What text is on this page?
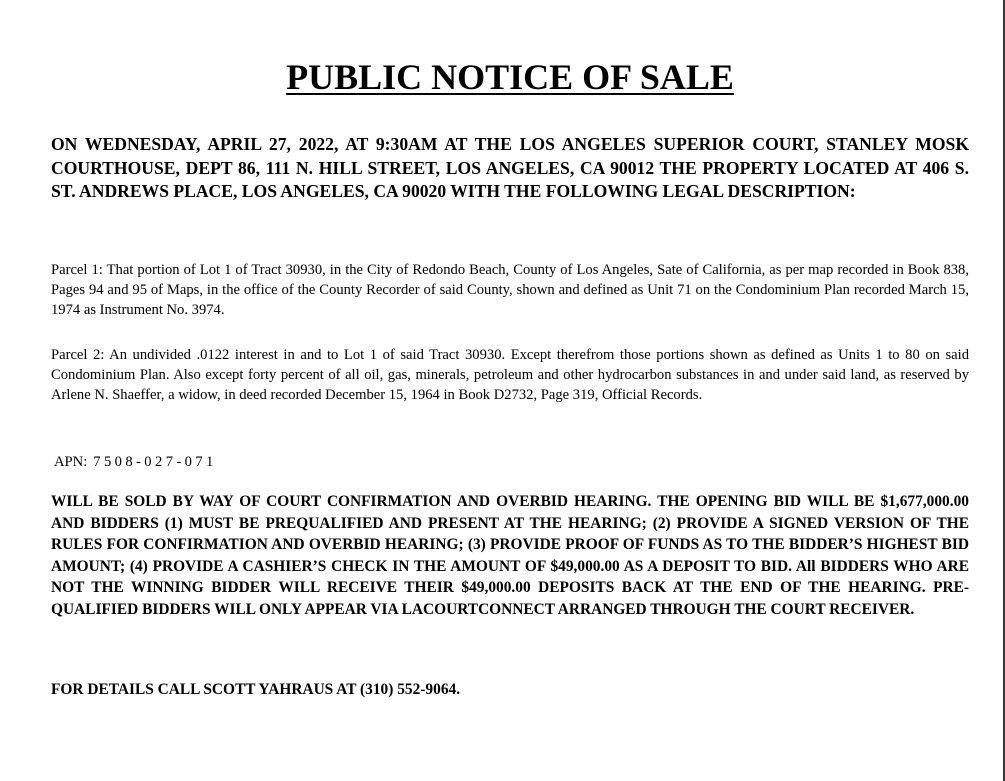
PUBLIC NOTICE OF SALE

ON WEDNESDAY, APRIL 27, 2022, AT 9:30AM AT THE LOS ANGELES SUPERIOR COURT, STANLEY MOSK COURTHOUSE, DEPT 86, 111 N. HILL STREET, LOS ANGELES, CA 90012 THE PROPERTY LOCATED AT 406 S. ST. ANDREWS PLACE, LOS ANGELES, CA 90020 WITH THE FOLLOWING LEGAL DESCRIPTION:

Parcel 1: That portion of Lot 1 of Tract 30930, in the City of Redondo Beach, County of Los Angeles, Sate of California, as per map recorded in Book 838, Pages 94 and 95 of Maps, in the office of the County Recorder of said County, shown and defined as Unit 71 on the Condominium Plan recorded March 15, 1974 as Instrument No. 3974.

Parcel 2: An undivided .0122 interest in and to Lot 1 of said Tract 30930. Except therefrom those portions shown as defined as Units 1 to 80 on said Condominium Plan. Also except forty percent of all oil, gas, minerals, petroleum and other hydrocarbon substances in and under said land, as reserved by Arlene N. Shaeffer, a widow, in deed recorded December 15, 1964 in Book D2732, Page 319, Official Records.

APN: 7508-027-071

WILL BE SOLD BY WAY OF COURT CONFIRMATION AND OVERBID HEARING. THE OPENING BID WILL BE $1,677,000.00 AND BIDDERS (1) MUST BE PREQUALIFIED AND PRESENT AT THE HEARING; (2) PROVIDE A SIGNED VERSION OF THE RULES FOR CONFIRMATION AND OVERBID HEARING; (3) PROVIDE PROOF OF FUNDS AS TO THE BIDDER’S HIGHEST BID AMOUNT; (4) PROVIDE A CASHIER’S CHECK IN THE AMOUNT OF $49,000.00 AS A DEPOSIT TO BID. All BIDDERS WHO ARE NOT THE WINNING BIDDER WILL RECEIVE THEIR $49,000.00 DEPOSITS BACK AT THE END OF THE HEARING. PRE-QUALIFIED BIDDERS WILL ONLY APPEAR VIA LACOURTCONNECT ARRANGED THROUGH THE COURT RECEIVER.

FOR DETAILS CALL SCOTT YAHRAUS AT (310) 552-9064.
